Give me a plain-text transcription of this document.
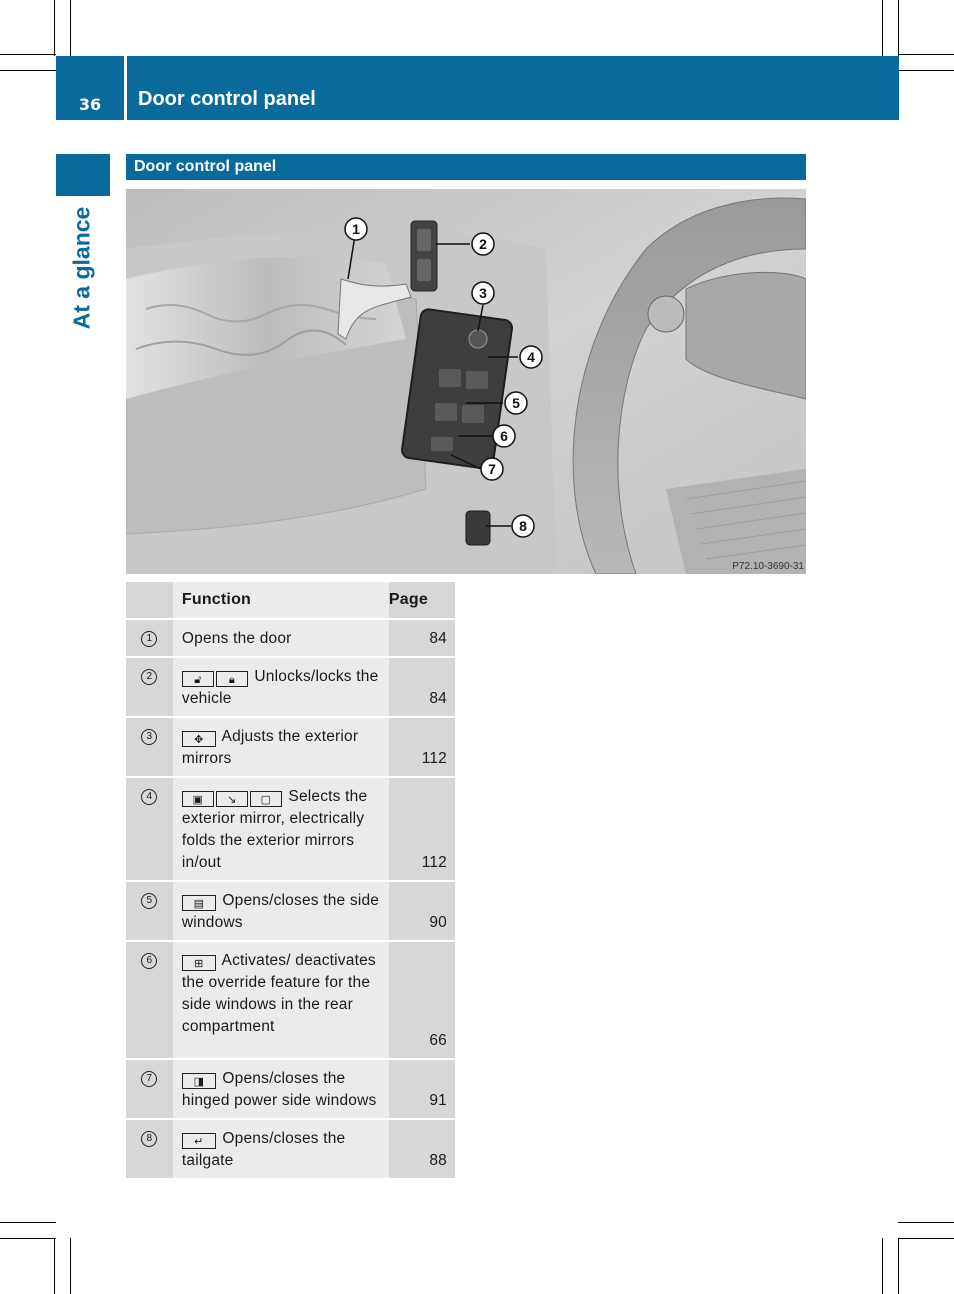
36	Door control panel
At a glance
Door control panel
1
2
3
4
5
6
7
8
P72.10-3690-31
	Function	Page
1	Opens the door	84

2	🔓︎ 🔒︎ Unlocks/locks the vehicle	84

3	✥ Adjusts the exterior mirrors	112

4	▣ ↘ ▢ Selects the exterior mirror, electrically folds the exterior mirrors in/out	112

5	▤ Opens/closes the side windows	90

6	⊞ Activates/ deactivates the override feature for the side windows in the rear compartment	66

7	◨ Opens/closes the hinged power side windows	91

8	↵ Opens/closes the tailgate	88
